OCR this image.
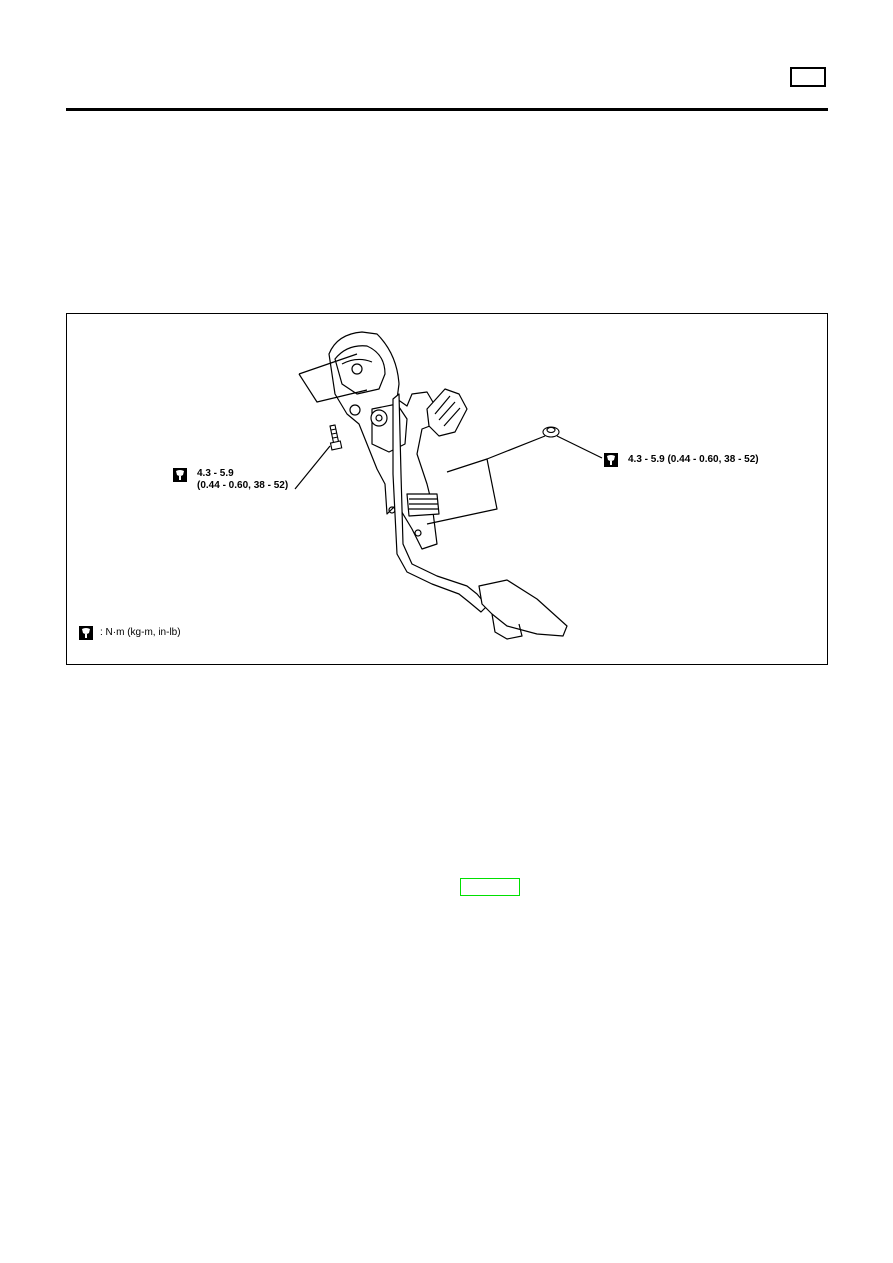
4.3 - 5.9
(0.44 - 0.60, 38 - 52)
4.3 - 5.9 (0.44 - 0.60, 38 - 52)
: N·m (kg-m, in-lb)
